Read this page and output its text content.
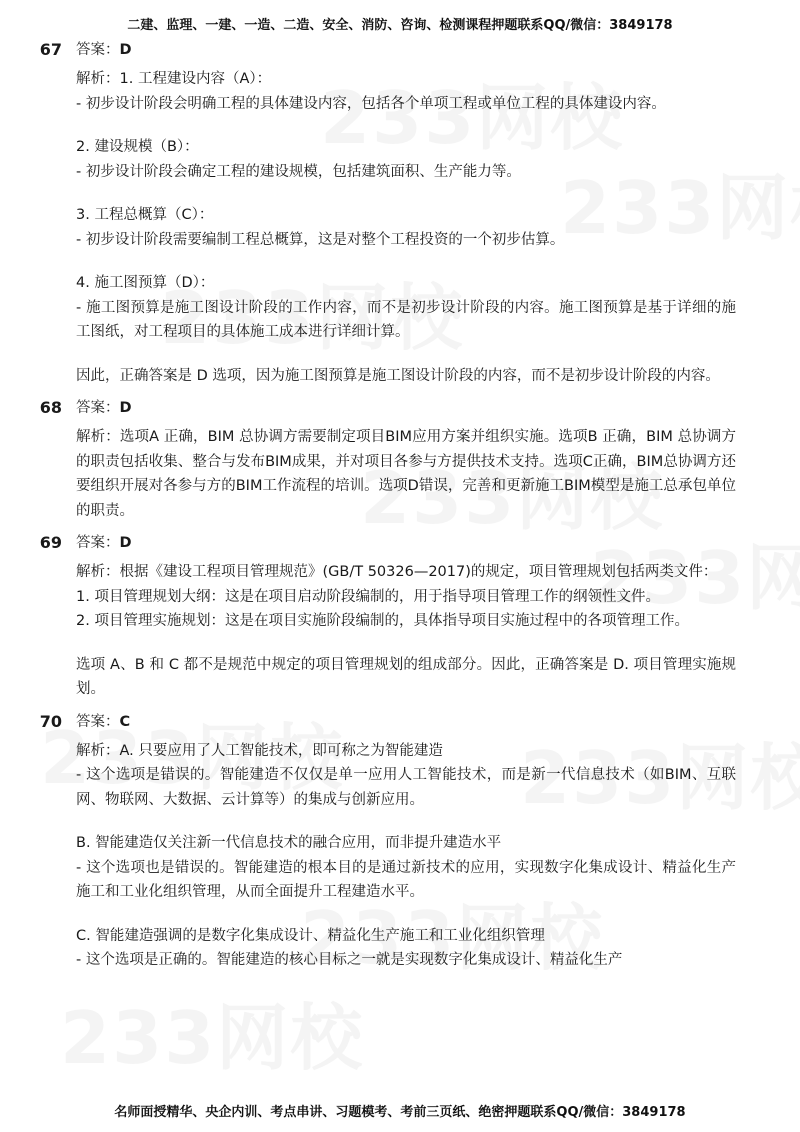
二建、监理、一建、一造、二造、安全、消防、咨询、检测课程押题联系QQ/微信：3849178
67 答案：D
解析：1. 工程建设内容（A）：
- 初步设计阶段会明确工程的具体建设内容，包括各个单项工程或单位工程的具体建设内容。
2. 建设规模（B）：
- 初步设计阶段会确定工程的建设规模，包括建筑面积、生产能力等。
3. 工程总概算（C）：
- 初步设计阶段需要编制工程总概算，这是对整个工程投资的一个初步估算。
4. 施工图预算（D）：
- 施工图预算是施工图设计阶段的工作内容，而不是初步设计阶段的内容。施工图预算是基于详细的施工图纸，对工程项目的具体施工成本进行详细计算。
因此，正确答案是 D 选项，因为施工图预算是施工图设计阶段的内容，而不是初步设计阶段的内容。
68 答案：D
解析：选项A 正确，BIM 总协调方需要制定项目BIM应用方案并组织实施。选项B 正确，BIM 总协调方的职责包括收集、整合与发布BIM成果，并对项目各参与方提供技术支持。选项C正确，BIM总协调方还要组织开展对各参与方的BIM工作流程的培训。选项D错误，完善和更新施工BIM模型是施工总承包单位的职责。
69 答案：D
解析：根据《建设工程项目管理规范》(GB/T 50326—2017)的规定，项目管理规划包括两类文件：
1. 项目管理规划大纲：这是在项目启动阶段编制的，用于指导项目管理工作的纲领性文件。
2. 项目管理实施规划：这是在项目实施阶段编制的，具体指导项目实施过程中的各项管理工作。
选项 A、B 和 C 都不是规范中规定的项目管理规划的组成部分。因此，正确答案是 D. 项目管理实施规划。
70 答案：C
解析：A. 只要应用了人工智能技术，即可称之为智能建造
- 这个选项是错误的。智能建造不仅仅是单一应用人工智能技术，而是新一代信息技术（如BIM、互联网、物联网、大数据、云计算等）的集成与创新应用。
B. 智能建造仅关注新一代信息技术的融合应用，而非提升建造水平
- 这个选项也是错误的。智能建造的根本目的是通过新技术的应用，实现数字化集成设计、精益化生产施工和工业化组织管理，从而全面提升工程建造水平。
C. 智能建造强调的是数字化集成设计、精益化生产施工和工业化组织管理
- 这个选项是正确的。智能建造的核心目标之一就是实现数字化集成设计、精益化生产
名师面授精华、央企内训、考点串讲、习题模考、考前三页纸、绝密押题联系QQ/微信：3849178
